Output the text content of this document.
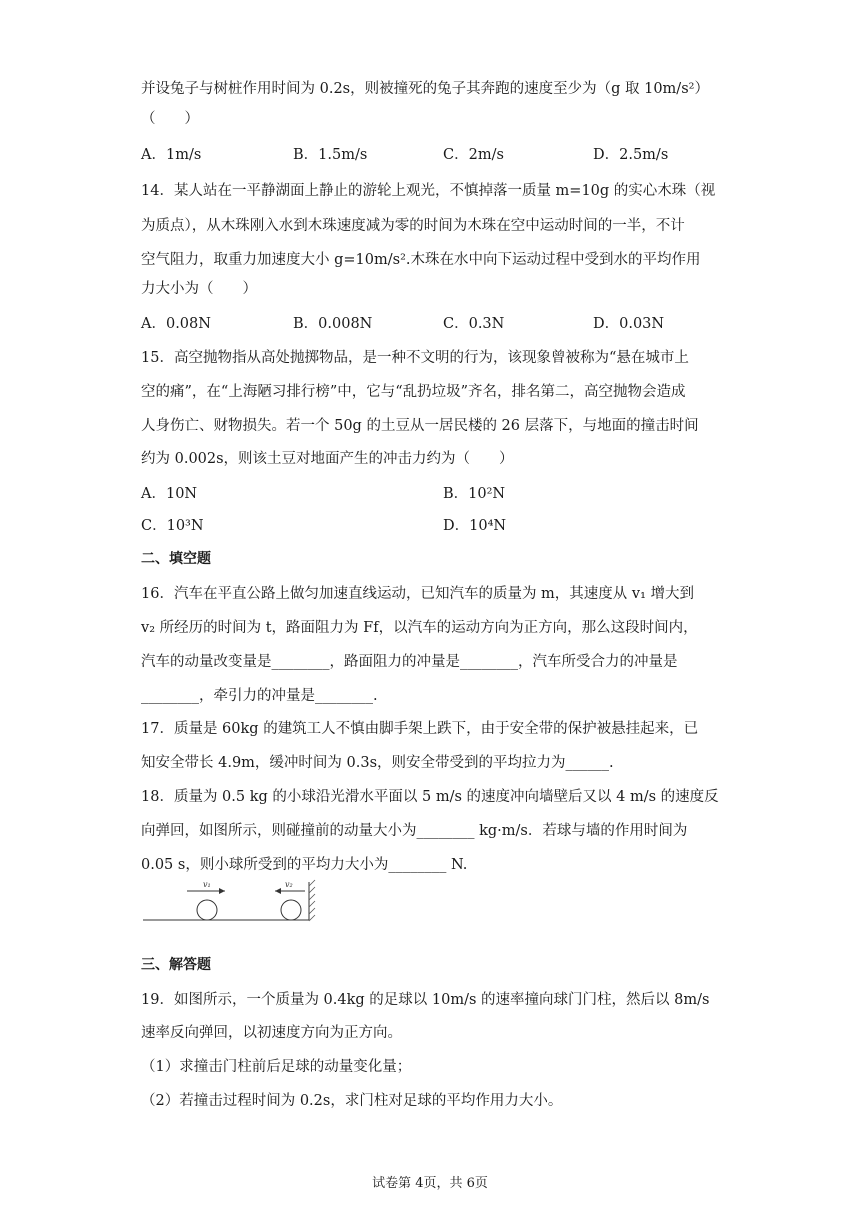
并设兔子与树桩作用时间为 0.2s，则被撞死的兔子其奔跑的速度至少为（g 取 10m/s²）
（　　）
A．1m/s	B．1.5m/s	C．2m/s	D．2.5m/s
14．某人站在一平静湖面上静止的游轮上观光，不慎掉落一质量 m=10g 的实心木珠（视
为质点），从木珠刚入水到木珠速度减为零的时间为木珠在空中运动时间的一半，不计
空气阻力，取重力加速度大小 g=10m/s².木珠在水中向下运动过程中受到水的平均作用
力大小为（　　）
A．0.08N	B．0.008N	C．0.3N	D．0.03N
15．高空抛物指从高处抛掷物品，是一种不文明的行为，该现象曾被称为“悬在城市上
空的痛”，在“上海陋习排行榜”中，它与“乱扔垃圾”齐名，排名第二，高空抛物会造成
人身伤亡、财物损失。若一个 50g 的土豆从一居民楼的 26 层落下，与地面的撞击时间
约为 0.002s，则该土豆对地面产生的冲击力约为（　　）
A．10N	B．10²N
C．10³N	D．10⁴N
二、填空题
16．汽车在平直公路上做匀加速直线运动，已知汽车的质量为 m，其速度从 v₁ 增大到
v₂ 所经历的时间为 t，路面阻力为 Ff，以汽车的运动方向为正方向，那么这段时间内，
汽车的动量改变量是________，路面阻力的冲量是________，汽车所受合力的冲量是
________，牵引力的冲量是________.
17．质量是 60kg 的建筑工人不慎由脚手架上跌下，由于安全带的保护被悬挂起来，已
知安全带长 4.9m，缓冲时间为 0.3s，则安全带受到的平均拉力为______.
18．质量为 0.5 kg 的小球沿光滑水平面以 5 m/s 的速度冲向墙壁后又以 4 m/s 的速度反
向弹回，如图所示，则碰撞前的动量大小为________ kg·m/s．若球与墙的作用时间为
0.05 s，则小球所受到的平均力大小为________ N.
v₁	v₂
三、解答题
19．如图所示，一个质量为 0.4kg 的足球以 10m/s 的速率撞向球门门柱，然后以 8m/s
速率反向弹回，以初速度方向为正方向。
（1）求撞击门柱前后足球的动量变化量；
（2）若撞击过程时间为 0.2s，求门柱对足球的平均作用力大小。
试卷第 4页，共 6页
